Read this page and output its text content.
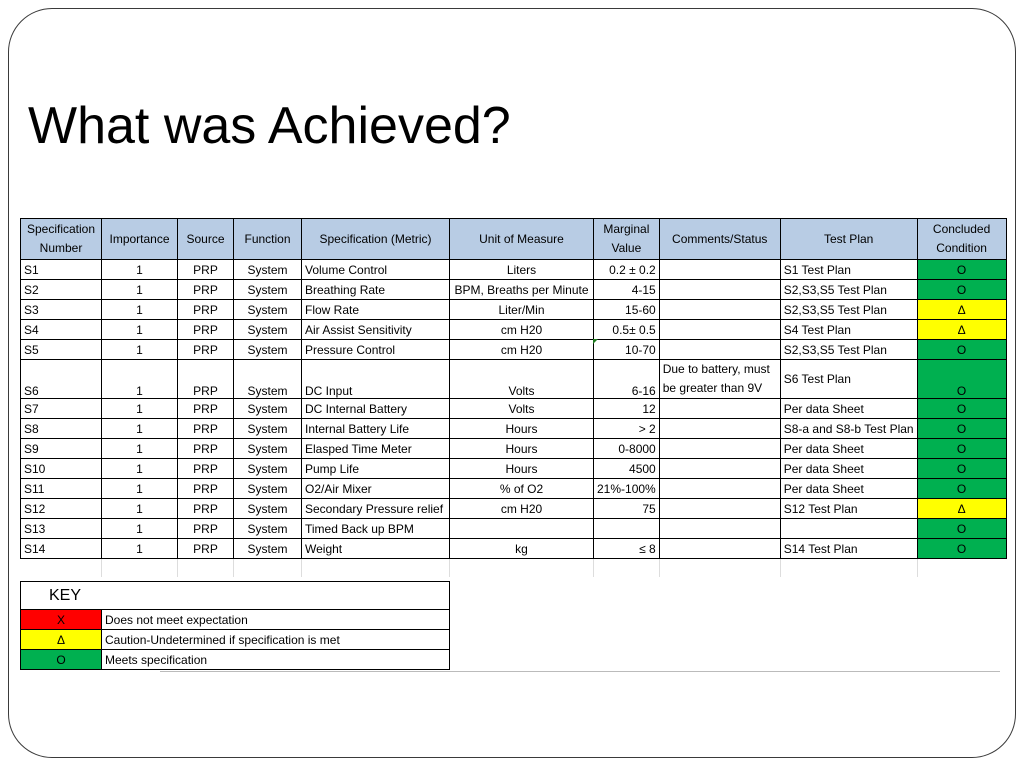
What was Achieved?
Specification Number	Importance	Source	Function	Specification (Metric)	Unit of Measure	Marginal Value	Comments/Status	Test Plan	Concluded Condition
S1	1	PRP	System	Volume Control	Liters	0.2 ± 0.2		S1 Test Plan	O
S2	1	PRP	System	Breathing Rate	BPM, Breaths per Minute	4-15		S2,S3,S5 Test Plan	O
S3	1	PRP	System	Flow Rate	Liter/Min	15-60		S2,S3,S5 Test Plan	Δ
S4	1	PRP	System	Air Assist Sensitivity	cm H20	0.5± 0.5		S4 Test Plan	Δ
S5	1	PRP	System	Pressure Control	cm H20	10-70		S2,S3,S5 Test Plan	O
S6	1	PRP	System	DC Input	Volts	6-16	Due to battery, must be greater than 9V	S6 Test Plan	O
S7	1	PRP	System	DC Internal Battery	Volts	12		Per data Sheet	O
S8	1	PRP	System	Internal Battery Life	Hours	> 2		S8-a and S8-b Test Plan	O
S9	1	PRP	System	Elasped Time Meter	Hours	0-8000		Per data Sheet	O
S10	1	PRP	System	Pump Life	Hours	4500		Per data Sheet	O
S11	1	PRP	System	O2/Air Mixer	% of O2	21%-100%		Per data Sheet	O
S12	1	PRP	System	Secondary Pressure relief	cm H20	75		S12 Test Plan	Δ
S13	1	PRP	System	Timed Back up BPM					O
S14	1	PRP	System	Weight	kg	≤ 8		S14 Test Plan	O

KEY	
X	Does not meet expectation
Δ	Caution-Undetermined if specification is met
O	Meets specification
